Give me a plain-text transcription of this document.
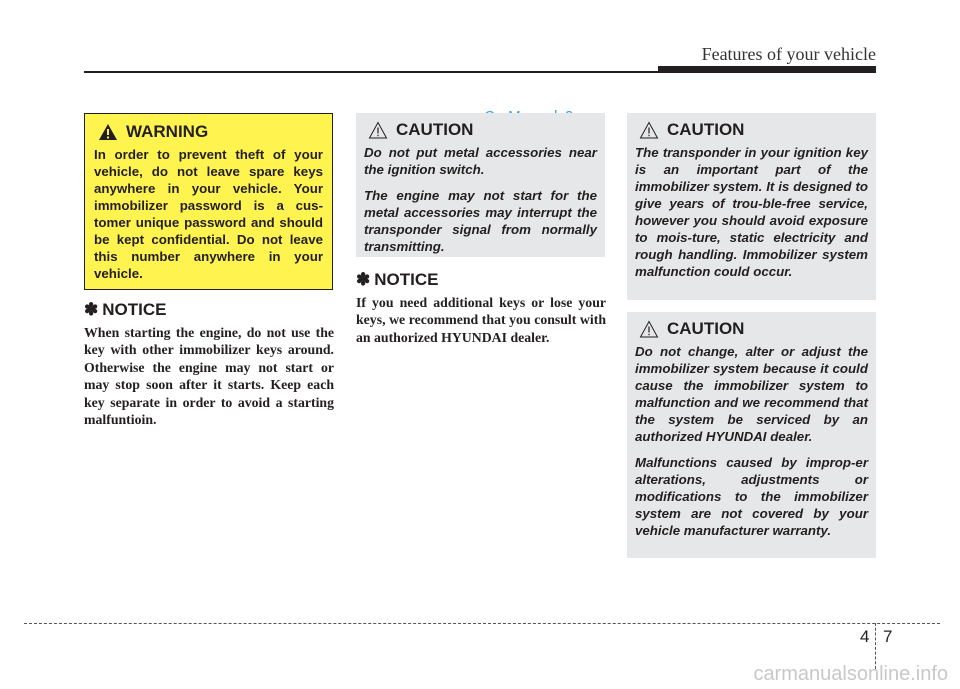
Features of your vehicle
WARNING

In order to prevent theft of your vehicle, do not leave spare keys anywhere in your vehicle. Your immobilizer password is a cus-tomer unique password and should be kept confidential. Do not leave this number anywhere in your vehicle.

✽ NOTICE

When starting the engine, do not use the key with other immobilizer keys around. Otherwise the engine may not start or may stop soon after it starts. Keep each key separate in order to avoid a starting malfuntioin.

CAUTION

Do not put metal accessories near the ignition switch.

The engine may not start for the metal accessories may interrupt the transponder signal from normally transmitting.

✽ NOTICE

If you need additional keys or lose your keys, we recommend that you consult with an authorized HYUNDAI dealer.

CAUTION

The transponder in your ignition key is an important part of the immobilizer system. It is designed to give years of trou-ble-free service, however you should avoid exposure to mois-ture, static electricity and rough handling. Immobilizer system malfunction could occur.

CAUTION

Do not change, alter or adjust the immobilizer system because it could cause the immobilizer system to malfunction and we recommend that the system be serviced by an authorized HYUNDAI dealer.

Malfunctions caused by improp-er alterations, adjustments or modifications to the immobilizer system are not covered by your vehicle manufacturer warranty.

4 7
carmanualsonline.info
